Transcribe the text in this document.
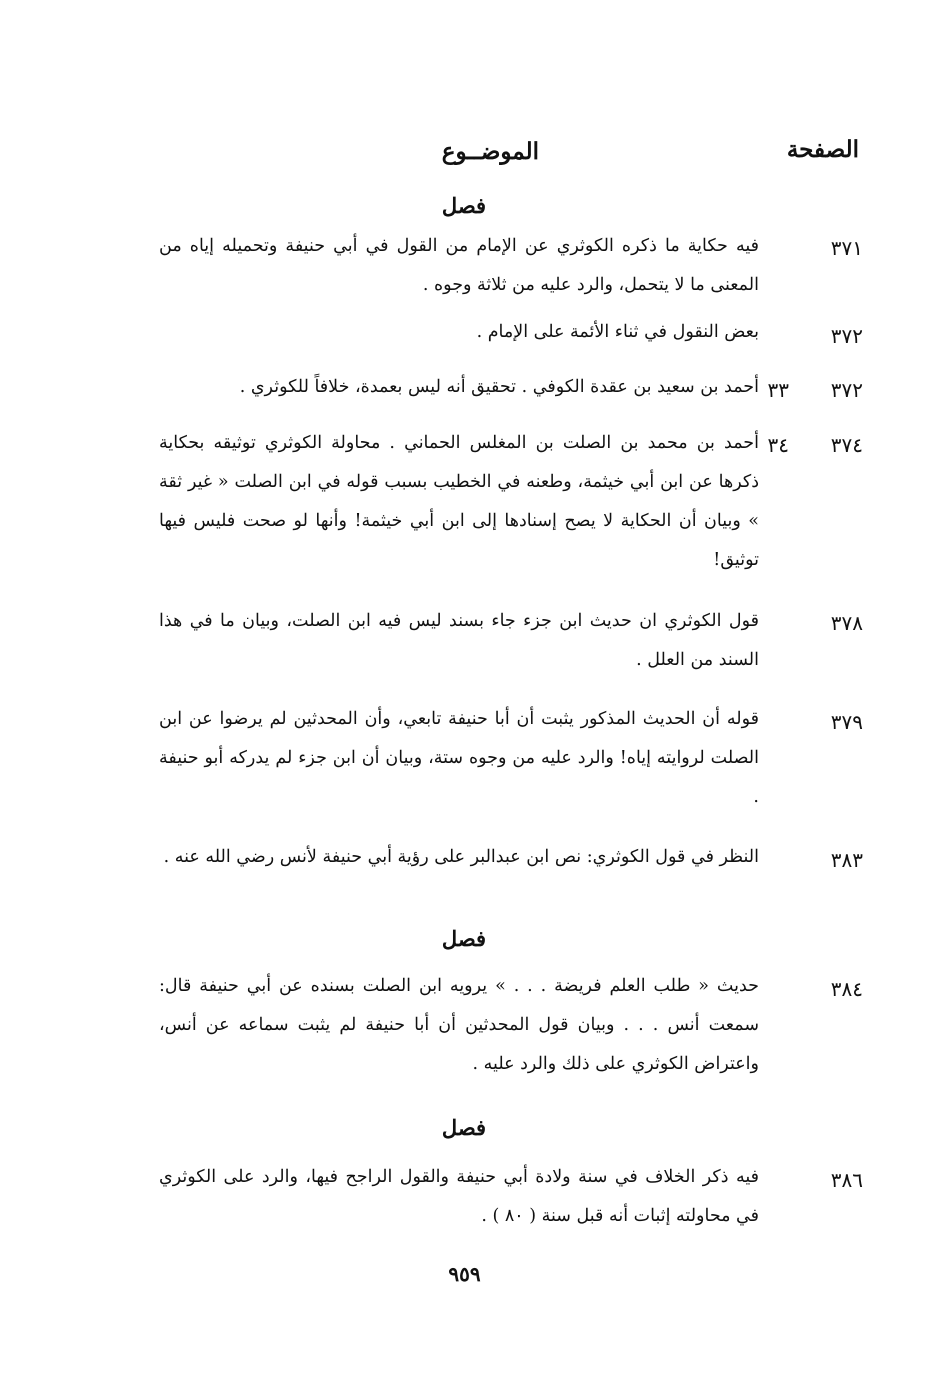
الصفحة
الموضــوع
فصل
٣٧١
فيه حكاية ما ذكره الكوثري عن الإمام من القول في أبي حنيفة وتحميله إياه من المعنى ما لا يتحمل، والرد عليه من ثلاثة وجوه .
٣٧٢
بعض النقول في ثناء الأئمة على الإمام .
٣٧٢
٣٣
أحمد بن سعيد بن عقدة الكوفي . تحقيق أنه ليس بعمدة، خلافاً للكوثري .
٣٧٤
٣٤
أحمد بن محمد بن الصلت بن المغلس الحماني . محاولة الكوثري توثيقه بحكاية ذكرها عن ابن أبي خيثمة، وطعنه في الخطيب بسبب قوله في ابن الصلت « غير ثقة » وبيان أن الحكاية لا يصح إسنادها إلى ابن أبي خيثمة! وأنها لو صحت فليس فيها توثيق!
٣٧٨
قول الكوثري ان حديث ابن جزء جاء بسند ليس فيه ابن الصلت، وبيان ما في هذا السند من العلل .
٣٧٩
قوله أن الحديث المذكور يثبت أن أبا حنيفة تابعي، وأن المحدثين لم يرضوا عن ابن الصلت لروايته إياه! والرد عليه من وجوه ستة، وبيان أن ابن جزء لم يدركه أبو حنيفة .
٣٨٣
النظر في قول الكوثري: نص ابن عبدالبر على رؤية أبي حنيفة لأنس رضي الله عنه .
فصل
٣٨٤
حديث « طلب العلم فريضة . . . » يرويه ابن الصلت بسنده عن أبي حنيفة قال: سمعت أنس . . . وبيان قول المحدثين أن أبا حنيفة لم يثبت سماعه عن أنس، واعتراض الكوثري على ذلك والرد عليه .
فصل
٣٨٦
فيه ذكر الخلاف في سنة ولادة أبي حنيفة والقول الراجح فيها، والرد على الكوثري في محاولته إثبات أنه قبل سنة ( ٨٠ ) .
٩٥٩
